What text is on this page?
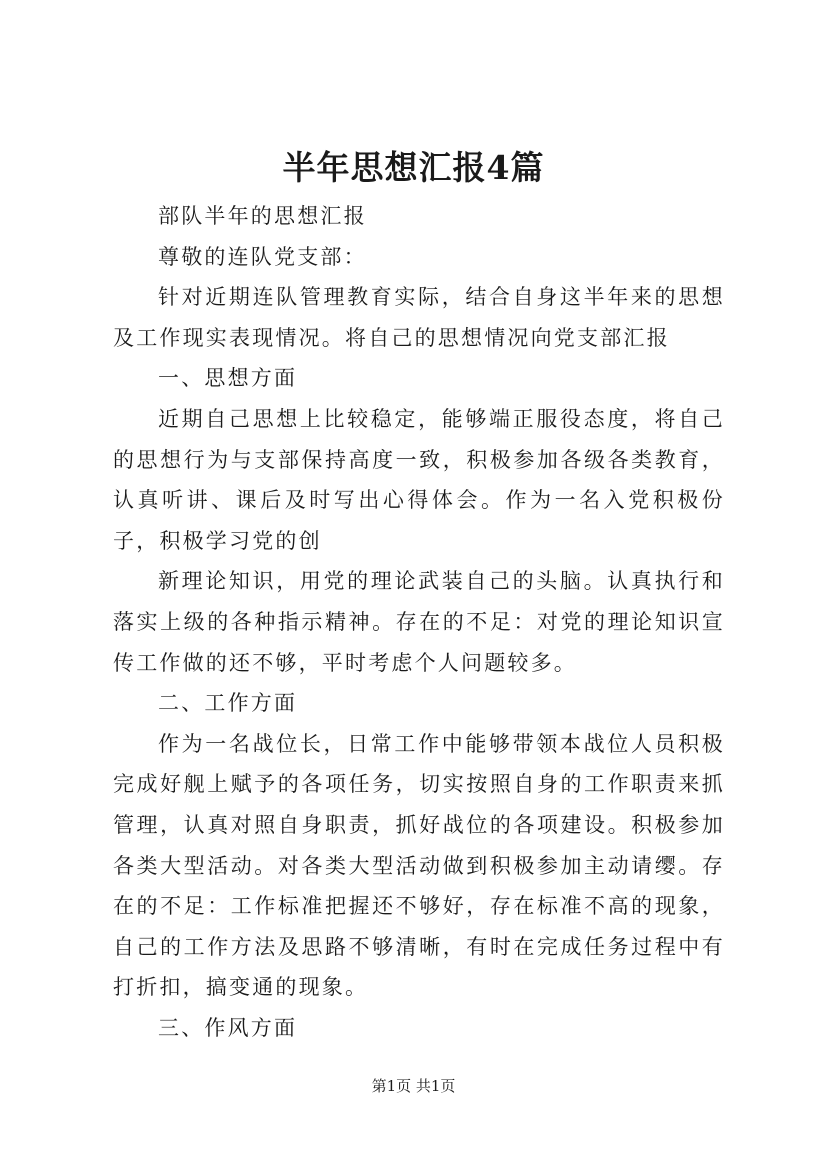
半年思想汇报4篇

部队半年的思想汇报

尊敬的连队党支部：

针对近期连队管理教育实际，结合自身这半年来的思想及工作现实表现情况。将自己的思想情况向党支部汇报

一、思想方面

近期自己思想上比较稳定，能够端正服役态度，将自己的思想行为与支部保持高度一致，积极参加各级各类教育，认真听讲、课后及时写出心得体会。作为一名入党积极份子，积极学习党的创

新理论知识，用党的理论武装自己的头脑。认真执行和落实上级的各种指示精神。存在的不足：对党的理论知识宣传工作做的还不够，平时考虑个人问题较多。

二、工作方面

作为一名战位长，日常工作中能够带领本战位人员积极完成好舰上赋予的各项任务，切实按照自身的工作职责来抓管理，认真对照自身职责，抓好战位的各项建设。积极参加各类大型活动。对各类大型活动做到积极参加主动请缨。存在的不足：工作标准把握还不够好，存在标准不高的现象，自己的工作方法及思路不够清晰，有时在完成任务过程中有打折扣，搞变通的现象。

三、作风方面

第1页 共1页
